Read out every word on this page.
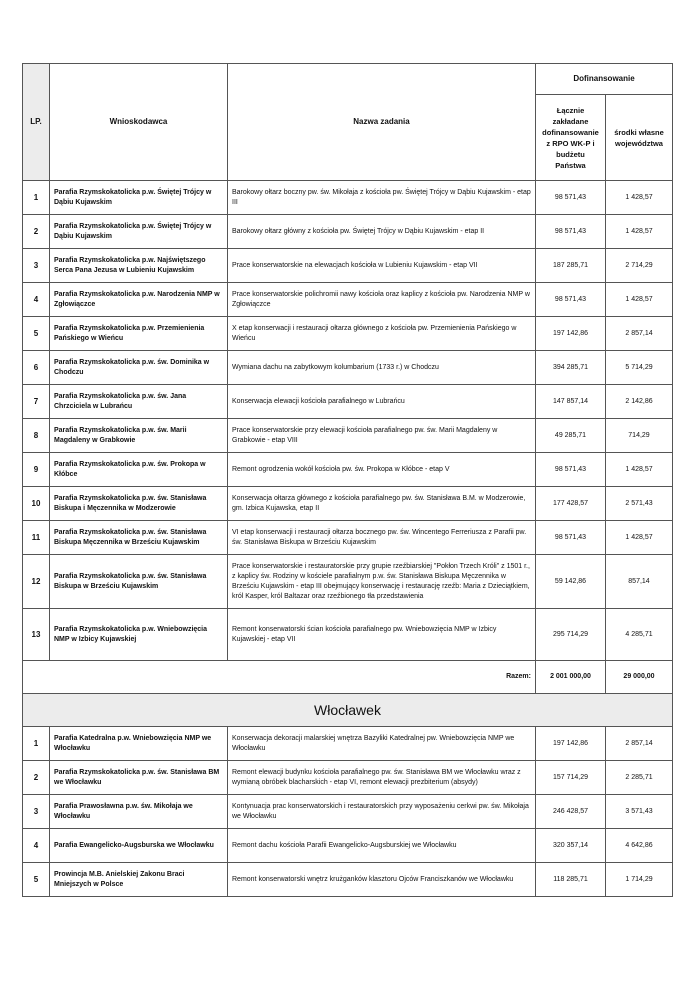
LP.	Wnioskodawca	Nazwa zadania	Dofinansowanie	
			Łącznie zakładane dofinansowanie z RPO WK-P i budżetu Państwa	środki własne województwa
1	Parafia Rzymskokatolicka p.w. Świętej Trójcy w Dąbiu Kujawskim	Barokowy ołtarz boczny pw. św. Mikołaja z kościoła pw. Świętej Trójcy w Dąbiu Kujawskim - etap III	98 571,43	1 428,57
2	Parafia Rzymskokatolicka p.w. Świętej Trójcy w Dąbiu Kujawskim	Barokowy ołtarz główny z kościoła pw. Świętej Trójcy w Dąbiu Kujawskim - etap II	98 571,43	1 428,57
3	Parafia Rzymskokatolicka p.w. Najświętszego Serca Pana Jezusa w Lubieniu Kujawskim	Prace konserwatorskie na elewacjach kościoła w Lubieniu Kujawskim - etap VII	187 285,71	2 714,29
4	Parafia Rzymskokatolicka p.w. Narodzenia NMP w Zgłowiączce	Prace konserwatorskie polichromii nawy kościoła oraz kaplicy z kościoła pw. Narodzenia NMP w Zgłowiączce	98 571,43	1 428,57
5	Parafia Rzymskokatolicka p.w. Przemienienia Pańskiego w Wieńcu	X etap konserwacji i restauracji ołtarza głównego z kościoła pw. Przemienienia Pańskiego w Wieńcu	197 142,86	2 857,14
6	Parafia Rzymskokatolicka p.w. św. Dominika w Chodczu	Wymiana dachu na zabytkowym kolumbarium (1733 r.) w Chodczu	394 285,71	5 714,29
7	Parafia Rzymskokatolicka p.w. św. Jana Chrzciciela w Lubrańcu	Konserwacja elewacji kościoła parafialnego w Lubrańcu	147 857,14	2 142,86
8	Parafia Rzymskokatolicka p.w. św. Marii Magdaleny w Grabkowie	Prace konserwatorskie przy elewacji kościoła parafialnego pw. św. Marii Magdaleny w Grabkowie - etap VIII	49 285,71	714,29
9	Parafia Rzymskokatolicka p.w. św. Prokopa w Kłóbce	Remont ogrodzenia wokół kościoła pw. św. Prokopa w Kłóbce - etap V	98 571,43	1 428,57
10	Parafia Rzymskokatolicka p.w. św. Stanisława Biskupa i Męczennika w Modzerowie	Konserwacja ołtarza głównego z kościoła parafialnego pw. św. Stanisława B.M. w Modzerowie, gm. Izbica Kujawska, etap II	177 428,57	2 571,43
11	Parafia Rzymskokatolicka p.w. św. Stanisława Biskupa Męczennika w Brześciu Kujawskim	VI etap konserwacji i restauracji ołtarza bocznego pw. św. Wincentego Ferreriusza z Parafii pw. św. Stanisława Biskupa w Brześciu Kujawskim	98 571,43	1 428,57
12	Parafia Rzymskokatolicka p.w. św. Stanisława Biskupa w Brześciu Kujawskim	Prace konserwatorskie i restauratorskie przy grupie rzeźbiarskiej "Pokłon Trzech Króli" z 1501 r., z kaplicy św. Rodziny w kościele parafialnym p.w. św. Stanisława Biskupa Męczennika w Brześciu Kujawskim - etap III obejmujący konserwację i restaurację rzeźb: Maria z Dzieciątkiem, król Kasper, król Baltazar oraz rzeźbionego tła przedstawienia	59 142,86	857,14
13	Parafia Rzymskokatolicka p.w. Wniebowzięcia NMP w Izbicy Kujawskiej	Remont konserwatorski ścian kościoła parafialnego pw. Wniebowzięcia NMP w Izbicy Kujawskiej - etap VII	295 714,29	4 285,71
Razem:			2 001 000,00	29 000,00
Włocławek				
1	Parafia Katedralna p.w. Wniebowzięcia NMP we Włocławku	Konserwacja dekoracji malarskiej wnętrza Bazyliki Katedralnej pw. Wniebowzięcia NMP we Włocławku	197 142,86	2 857,14
2	Parafia Rzymskokatolicka p.w. św. Stanisława BM we Włocławku	Remont elewacji budynku kościoła parafialnego pw. św. Stanisława BM we Włocławku wraz z wymianą obróbek blacharskich - etap VI, remont elewacji prezbiterium (absydy)	157 714,29	2 285,71
3	Parafia Prawosławna p.w. św. Mikołaja we Włocławku	Kontynuacja prac konserwatorskich i restauratorskich przy wyposażeniu cerkwi pw. św. Mikołaja we Włocławku	246 428,57	3 571,43
4	Parafia Ewangelicko-Augsburska we Włocławku	Remont dachu kościoła Parafii Ewangelicko-Augsburskiej we Włocławku	320 357,14	4 642,86
5	Prowincja M.B. Anielskiej Zakonu Braci Mniejszych w Polsce	Remont konserwatorski wnętrz krużganków klasztoru Ojców Franciszkanów we Włocławku	118 285,71	1 714,29
